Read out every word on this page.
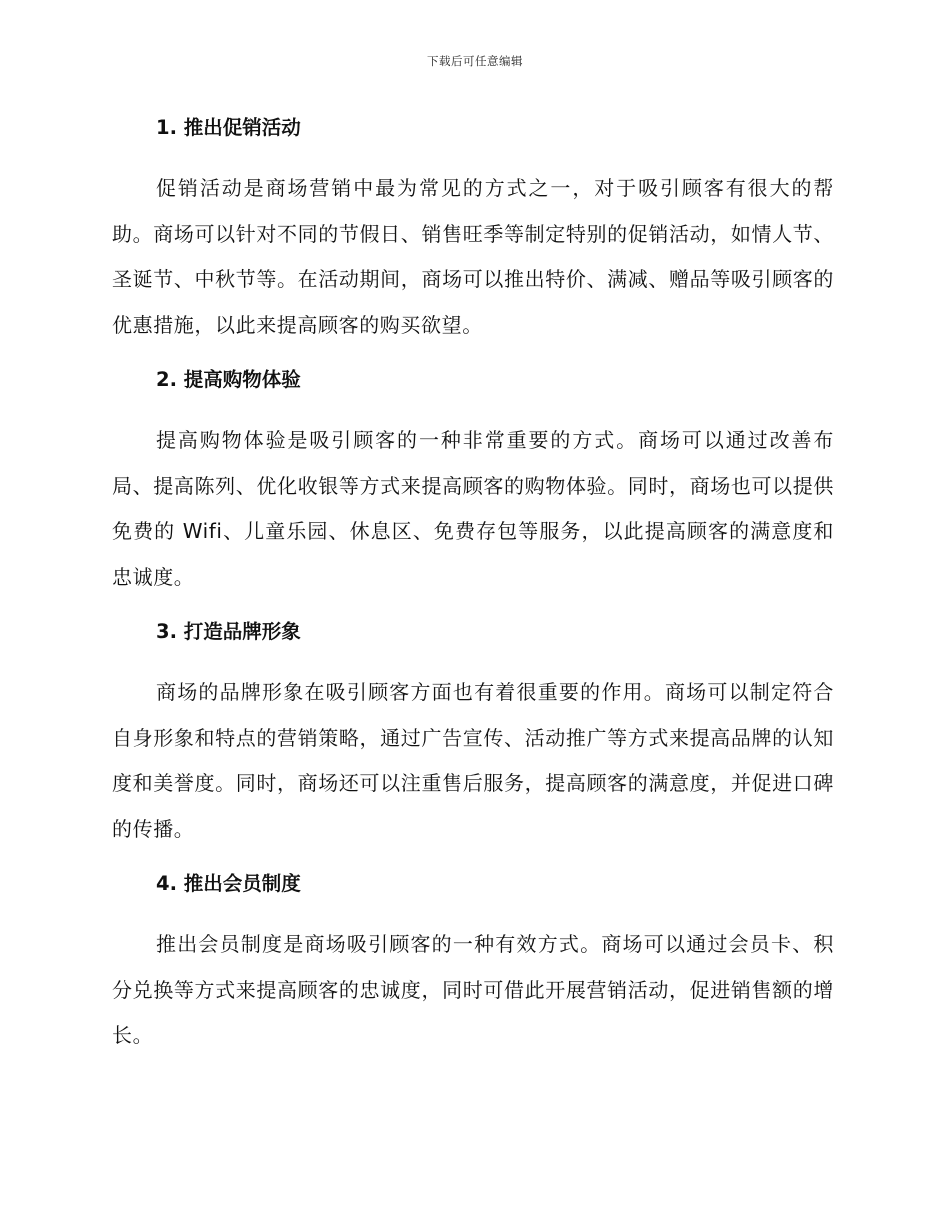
下载后可任意编辑
1. 推出促销活动

促销活动是商场营销中最为常见的方式之一，对于吸引顾客有很大的帮助。商场可以针对不同的节假日、销售旺季等制定特别的促销活动，如情人节、圣诞节、中秋节等。在活动期间，商场可以推出特价、满减、赠品等吸引顾客的优惠措施，以此来提高顾客的购买欲望。

2. 提高购物体验

提高购物体验是吸引顾客的一种非常重要的方式。商场可以通过改善布局、提高陈列、优化收银等方式来提高顾客的购物体验。同时，商场也可以提供免费的 Wifi、儿童乐园、休息区、免费存包等服务，以此提高顾客的满意度和忠诚度。

3. 打造品牌形象

商场的品牌形象在吸引顾客方面也有着很重要的作用。商场可以制定符合自身形象和特点的营销策略，通过广告宣传、活动推广等方式来提高品牌的认知度和美誉度。同时，商场还可以注重售后服务，提高顾客的满意度，并促进口碑的传播。

4. 推出会员制度

推出会员制度是商场吸引顾客的一种有效方式。商场可以通过会员卡、积分兑换等方式来提高顾客的忠诚度，同时可借此开展营销活动，促进销售额的增长。
